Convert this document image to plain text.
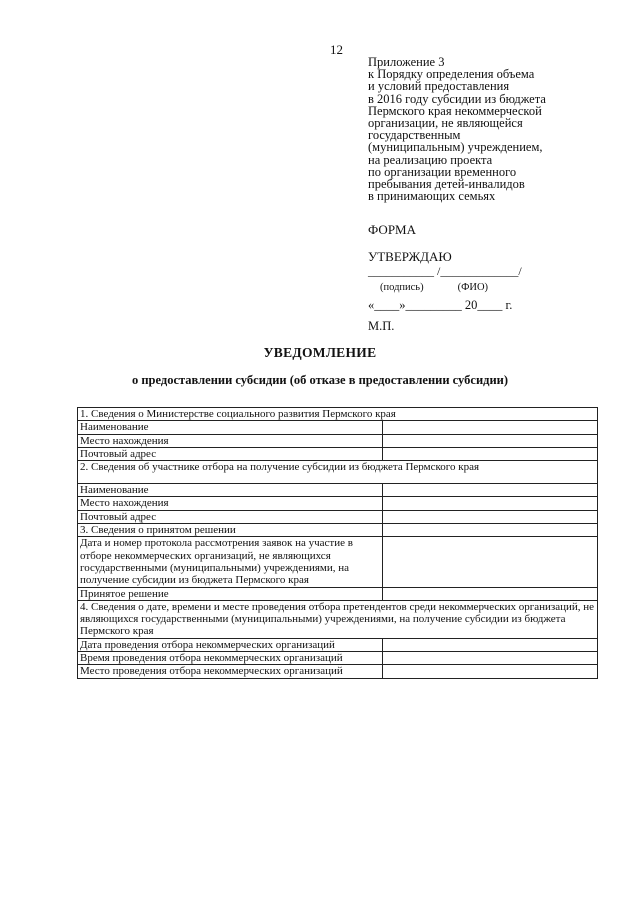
12
Приложение 3
к Порядку определения объема
и условий предоставления
в 2016 году субсидии из бюджета
Пермского края некоммерческой
организации, не являющейся
государственным
(муниципальным) учреждением,
на реализацию проекта
по организации временного
пребывания детей-инвалидов
в принимающих семьях
ФОРМА
УТВЕРЖДАЮ
___________ /_____________/
(подпись)	(ФИО)
«____»_________ 20____ г.
М.П.
УВЕДОМЛЕНИЕ
о предоставлении субсидии (об отказе в предоставлении субсидии)
1. Сведения о Министерстве социального развития Пермского края	
Наименование	
Место нахождения	
Почтовый адрес	
2. Сведения об участнике отбора на получение субсидии из бюджета Пермского края	
Наименование	
Место нахождения	
Почтовый адрес	
3. Сведения о принятом решении	
Дата и номер протокола рассмотрения заявок на участие в отборе некоммерческих организаций, не являющихся государственными (муниципальными) учреждениями, на получение субсидии из бюджета Пермского края	
Принятое решение	
4. Сведения о дате, времени и месте проведения отбора претендентов среди некоммерческих организаций, не являющихся государственными (муниципальными) учреждениями, на получение субсидии из бюджета Пермского края	
Дата проведения отбора некоммерческих организаций	
Время проведения отбора некоммерческих организаций	
Место проведения отбора некоммерческих организаций	
